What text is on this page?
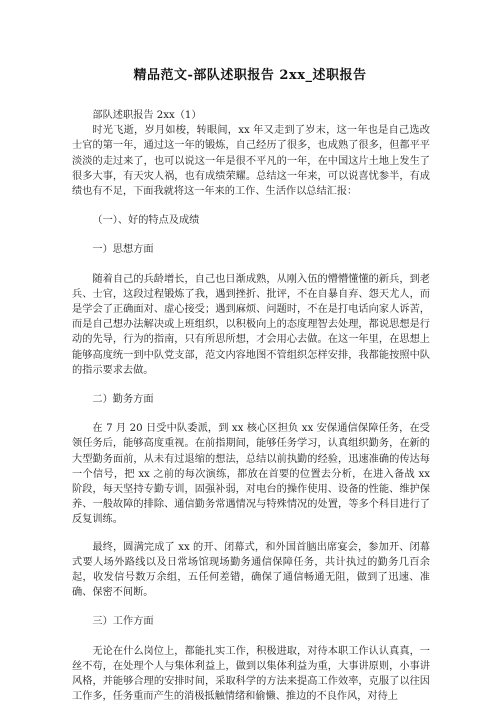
精品范文-部队述职报告 2xx_述职报告

部队述职报告 2xx（1）

时光飞逝，岁月如梭，转眼间，xx 年又走到了岁末，这一年也是自己选改士官的第一年，通过这一年的锻炼，自己经历了很多，也成熟了很多，但都平平淡淡的走过来了，也可以说这一年是很不平凡的一年，在中国这片土地上发生了很多大事，有天灾人祸，也有成绩荣耀。总结这一年来，可以说喜忧参半，有成绩也有不足，下面我就将这一年来的工作、生活作以总结汇报：

（一）、好的特点及成绩

一）思想方面

随着自己的兵龄增长，自己也日渐成熟，从刚入伍的懵懵懂懂的新兵，到老兵、士官，这段过程锻炼了我，遇到挫折、批评，不在自暴自弃、怨天尤人，而是学会了正确面对、虚心接受；遇到麻烦、问题时，不在是打电话向家人诉苦，而是自己想办法解决或上班组织，以积极向上的态度理智去处理，都说思想是行动的先导，行为的指南，只有所思所想，才会用心去做。在这一年里，在思想上能够高度统一到中队党支部，范文内容地图不管组织怎样安排，我都能按照中队的指示要求去做。

二）勤务方面

在 7 月 20 日受中队委派，到 xx 核心区担负 xx 安保通信保障任务，在受领任务后，能够高度重视。在前指期间，能够任务学习，认真组织勤务，在新的大型勤务面前，从未有过退缩的想法，总结以前执勤的经验，迅速准确的传达每一个信号，把 xx 之前的每次演练，都放在首要的位置去分析，在进入备战 xx 阶段，每天坚持专勤专训，固强补弱，对电台的操作使用、设备的性能、维护保养、一般故障的排除、通信勤务常遇情况与特殊情况的处置，等多个科目进行了反复训练。

最终，圆满完成了 xx 的开、闭幕式，和外国首脑出席宴会，参加开、闭幕式要人场外路线以及日常场馆现场勤务通信保障任务，共计执过的勤务几百余起，收发信号数万余组，五任何差错，确保了通信畅通无阻，做到了迅速、准确、保密不间断。

三）工作方面

无论在什么岗位上，都能扎实工作，积极进取，对待本职工作认认真真，一丝不苟，在处理个人与集体利益上，做到以集体利益为重，大事讲原则，小事讲风格，并能够合理的安排时间，采取科学的方法来提高工作效率，克服了以往因工作多，任务重而产生的消极抵触情绪和偷懒、推边的不良作风，对待上
